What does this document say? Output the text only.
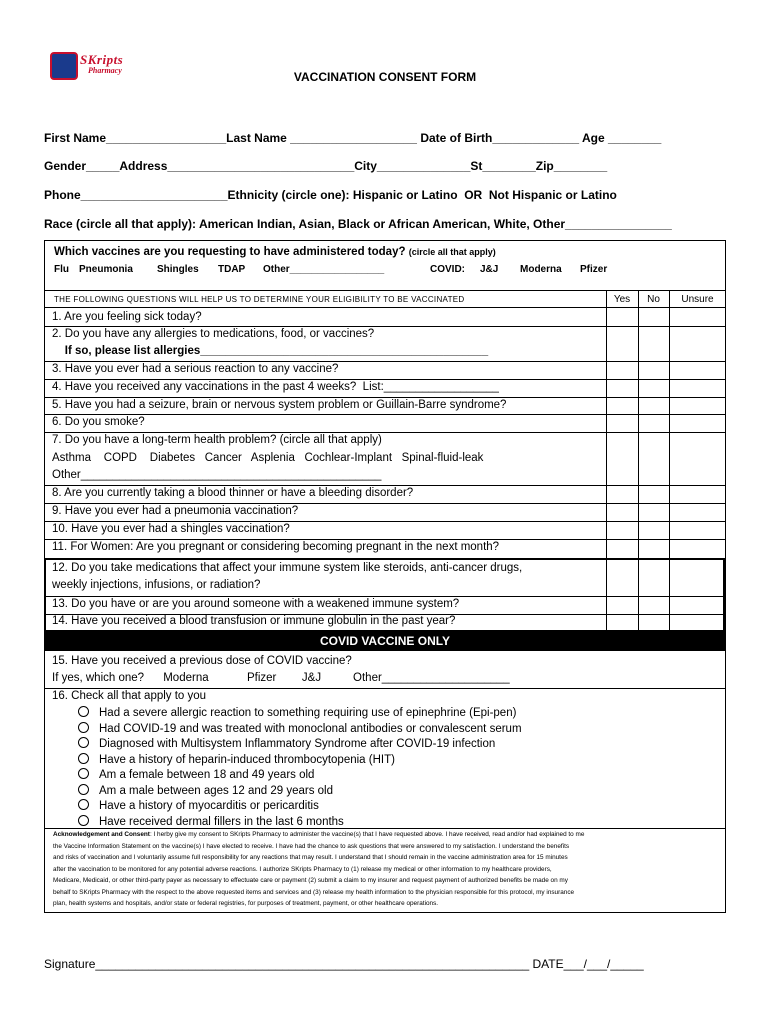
SKripts
Pharmacy	VACCINATION CONSENT FORM
First Name__________________Last Name ___________________ Date of Birth_____________ Age ________
Gender_____Address____________________________City______________St________Zip________
Phone______________________Ethnicity (circle one): Hispanic or Latino  OR  Not Hispanic or Latino
Race (circle all that apply): American Indian, Asian, Black or African American, White, Other________________
Which vaccines are you requesting to have administered today? (circle all that apply)
Flu Pneumonia Shingles TDAP Other_________________	COVID: J&J Moderna Pfizer
THE FOLLOWING QUESTIONS WILL HELP US TO DETERMINE YOUR ELIGIBILITY TO BE VACCINATED	Yes	No	Unsure
1. Are you feeling sick today?
2. Do you have any allergies to medications, food, or vaccines?
If so, please list allergies_____________________________________________
3. Have you ever had a serious reaction to any vaccine?
4. Have you received any vaccinations in the past 4 weeks?  List:__________________
5. Have you had a seizure, brain or nervous system problem or Guillain-Barre syndrome?
6. Do you smoke?
7. Do you have a long-term health problem? (circle all that apply)
Asthma    COPD    Diabetes   Cancer   Asplenia   Cochlear-Implant   Spinal-fluid-leak
Other_______________________________________________
8. Are you currently taking a blood thinner or have a bleeding disorder?
9. Have you ever had a pneumonia vaccination?
10. Have you ever had a shingles vaccination?
11. For Women: Are you pregnant or considering becoming pregnant in the next month?
12. Do you take medications that affect your immune system like steroids, anti-cancer drugs,
weekly injections, infusions, or radiation?
13. Do you have or are you around someone with a weakened immune system?
14. Have you received a blood transfusion or immune globulin in the past year?
COVID VACCINE ONLY
15. Have you received a previous dose of COVID vaccine?
If yes, which one?      Moderna            Pfizer        J&J          Other____________________
16. Check all that apply to you
Had a severe allergic reaction to something requiring use of epinephrine (Epi-pen)
Had COVID-19 and was treated with monoclonal antibodies or convalescent serum
Diagnosed with Multisystem Inflammatory Syndrome after COVID-19 infection
Have a history of heparin-induced thrombocytopenia (HIT)
Am a female between 18 and 49 years old
Am a male between ages 12 and 29 years old
Have a history of myocarditis or pericarditis
Have received dermal fillers in the last 6 months
Acknowledgement and Consent: I herby give my consent to SKripts Pharmacy to administer the vaccine(s) that I have requested above. I have received, read and/or had explained to me
the Vaccine Information Statement on the vaccine(s) I have elected to receive. I have had the chance to ask questions that were answered to my satisfaction. I understand the benefits
and risks of vaccination and I voluntarily assume full responsibility for any reactions that may result. I understand that I should remain in the vaccine administration area for 15 minutes
after the vaccination to be monitored for any potential adverse reactions. I authorize SKripts Pharmacy to (1) release my medical or other information to my healthcare providers,
Medicare, Medicaid, or other third-party payer as necessary to effectuate care or payment (2) submit a claim to my insurer and request payment of authorized benefits be made on my
behalf to SKripts Pharmacy with the respect to the above requested items and services and (3) release my health information to the physician responsible for this protocol, my insurance
plan, health systems and hospitals, and/or state or federal registries, for purposes of treatment, payment, or other healthcare operations.
Signature_________________________________________________________________ DATE___/___/_____
